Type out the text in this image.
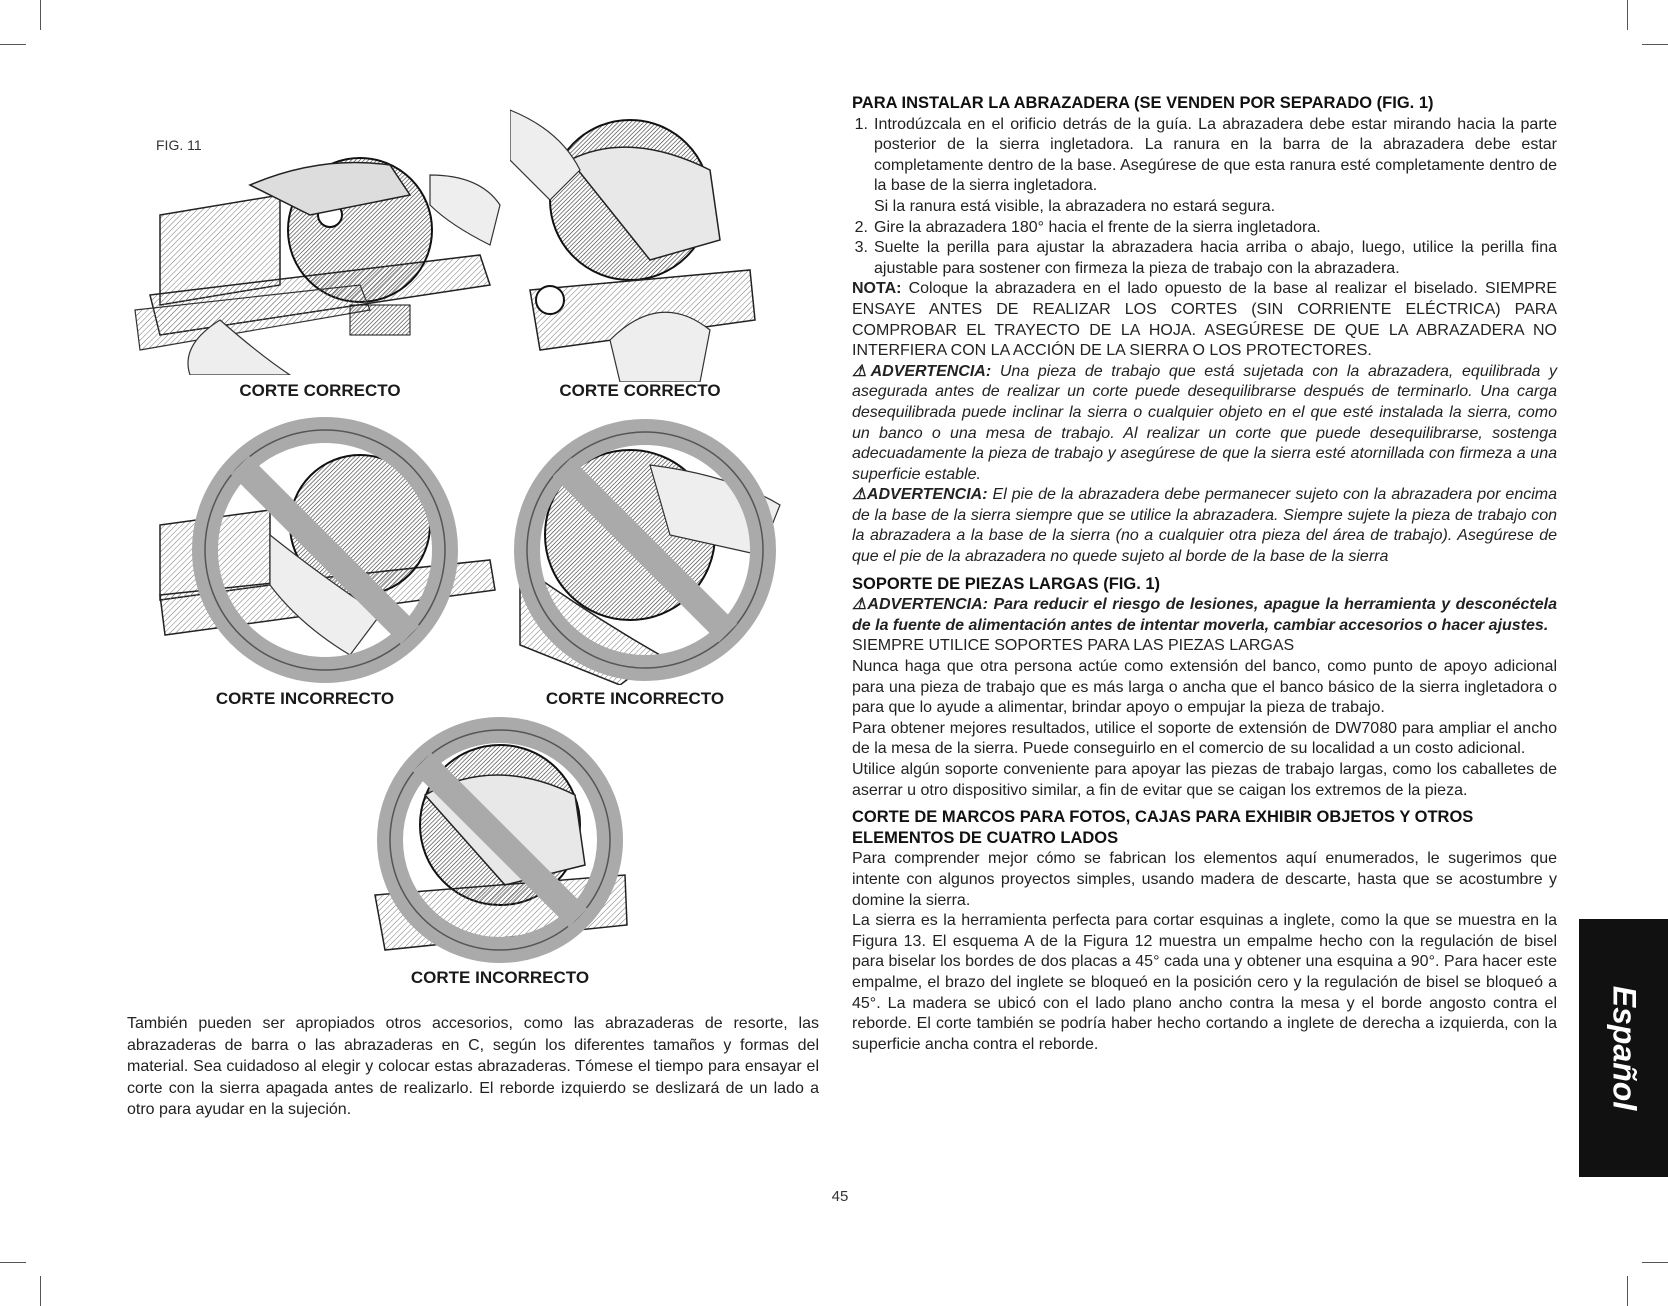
FIG. 11
CORTE CORRECTO	CORTE CORRECTO
CORTE INCORRECTO	CORTE INCORRECTO
CORTE INCORRECTO
También pueden ser apropiados otros accesorios, como las abrazaderas de resorte, las abrazaderas de barra o las abrazaderas en C, según los diferentes tamaños y formas del material. Sea cuidadoso al elegir y colocar estas abrazaderas. Tómese el tiempo para ensayar el corte con la sierra apagada antes de realizarlo. El reborde izquierdo se deslizará de un lado a otro para ayudar en la sujeción.
PARA INSTALAR LA ABRAZADERA (SE VENDEN POR SEPARADO (FIG. 1)
1. Introdúzcala en el orificio detrás de la guía. La abrazadera debe estar mirando hacia la parte posterior de la sierra ingletadora. La ranura en la barra de la abrazadera debe estar completamente dentro de la base. Asegúrese de que esta ranura esté completamente dentro de la base de la sierra ingletadora.

Si la ranura está visible, la abrazadera no estará segura.

2. Gire la abrazadera 180° hacia el frente de la sierra ingletadora.
3. Suelte la perilla para ajustar la abrazadera hacia arriba o abajo, luego, utilice la perilla fina ajustable para sostener con firmeza la pieza de trabajo con la abrazadera.

NOTA: Coloque la abrazadera en el lado opuesto de la base al realizar el biselado. SIEMPRE ENSAYE ANTES DE REALIZAR LOS CORTES (SIN CORRIENTE ELÉCTRICA) PARA COMPROBAR EL TRAYECTO DE LA HOJA. ASEGÚRESE DE QUE LA ABRAZADERA NO INTERFIERA CON LA ACCIÓN DE LA SIERRA O LOS PROTECTORES.

⚠ADVERTENCIA: Una pieza de trabajo que está sujetada con la abrazadera, equilibrada y asegurada antes de realizar un corte puede desequilibrarse después de terminarlo. Una carga desequilibrada puede inclinar la sierra o cualquier objeto en el que esté instalada la sierra, como un banco o una mesa de trabajo. Al realizar un corte que puede desequilibrarse, sostenga adecuadamente la pieza de trabajo y asegúrese de que la sierra esté atornillada con firmeza a una superficie estable.

⚠ADVERTENCIA: El pie de la abrazadera debe permanecer sujeto con la abrazadera por encima de la base de la sierra siempre que se utilice la abrazadera. Siempre sujete la pieza de trabajo con la abrazadera a la base de la sierra (no a cualquier otra pieza del área de trabajo). Asegúrese de que el pie de la abrazadera no quede sujeto al borde de la base de la sierra

SOPORTE DE PIEZAS LARGAS (FIG. 1)

⚠ADVERTENCIA: Para reducir el riesgo de lesiones, apague la herramienta y desconéctela de la fuente de alimentación antes de intentar moverla, cambiar accesorios o hacer ajustes.

SIEMPRE UTILICE SOPORTES PARA LAS PIEZAS LARGAS

Nunca haga que otra persona actúe como extensión del banco, como punto de apoyo adicional para una pieza de trabajo que es más larga o ancha que el banco básico de la sierra ingletadora o para que lo ayude a alimentar, brindar apoyo o empujar la pieza de trabajo.

Para obtener mejores resultados, utilice el soporte de extensión de DW7080 para ampliar el ancho de la mesa de la sierra. Puede conseguirlo en el comercio de su localidad a un costo adicional.

Utilice algún soporte conveniente para apoyar las piezas de trabajo largas, como los caballetes de aserrar u otro dispositivo similar, a fin de evitar que se caigan los extremos de la pieza.

CORTE DE MARCOS PARA FOTOS, CAJAS PARA EXHIBIR OBJETOS Y OTROS ELEMENTOS DE CUATRO LADOS

Para comprender mejor cómo se fabrican los elementos aquí enumerados, le sugerimos que intente con algunos proyectos simples, usando madera de descarte, hasta que se acostumbre y domine la sierra.

La sierra es la herramienta perfecta para cortar esquinas a inglete, como la que se muestra en la Figura 13. El esquema A de la Figura 12 muestra un empalme hecho con la regulación de bisel para biselar los bordes de dos placas a 45° cada una y obtener una esquina a 90°. Para hacer este empalme, el brazo del inglete se bloqueó en la posición cero y la regulación de bisel se bloqueó a 45°. La madera se ubicó con el lado plano ancho contra la mesa y el borde angosto contra el reborde. El corte también se podría haber hecho cortando a inglete de derecha a izquierda, con la superficie ancha contra el reborde.	Español
45
